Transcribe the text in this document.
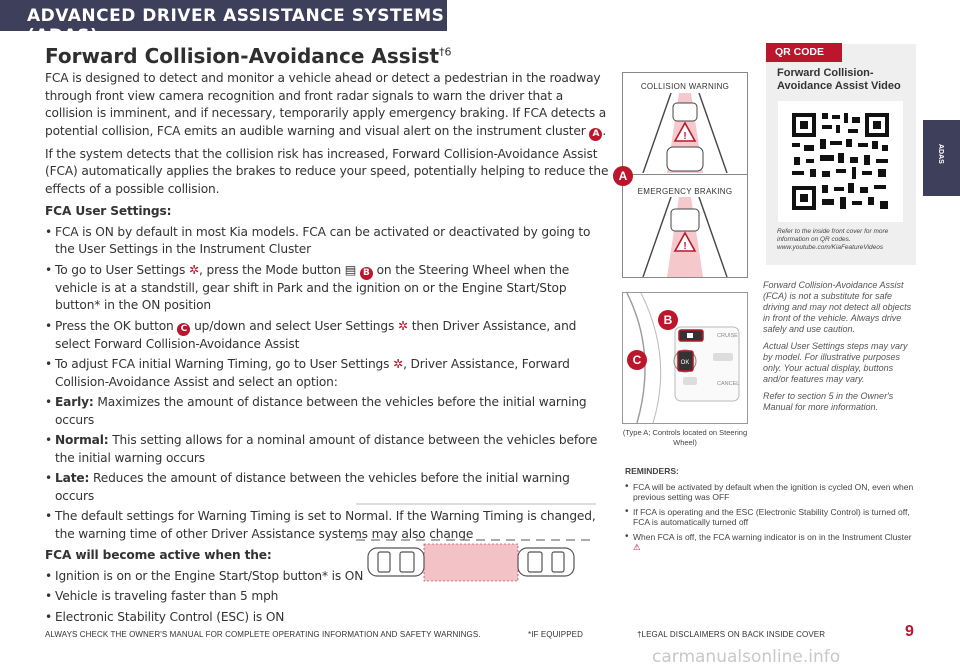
ADVANCED DRIVER ASSISTANCE SYSTEMS (ADAS)
ADAS
Forward Collision-Avoidance Assist$^{\dagger 6}$

FCA is designed to detect and monitor a vehicle ahead or detect a pedestrian in the roadway through front view camera recognition and front radar signals to warn the driver that a collision is imminent, and if necessary, temporarily apply emergency braking. If FCA detects a potential collision, FCA emits an audible warning and visual alert on the instrument cluster A .

If the system detects that the collision risk has increased, Forward Collision-Avoidance Assist (FCA) automatically applies the brakes to reduce your speed, potentially helping to reduce the effects of a possible collision.

FCA User Settings:
• FCA is ON by default in most Kia models. FCA can be activated or deactivated by going to the User Settings in the Instrument Cluster
• To go to User Settings ✲, press the Mode button ▤ B on the Steering Wheel when the vehicle is at a standstill, gear shift in Park and the ignition on or the Engine Start/Stop button* in the ON position
• Press the OK button C up/down and select User Settings ✲ then Driver Assistance, and select Forward Collision-Avoidance Assist
• To adjust FCA initial Warning Timing, go to User Settings ✲, Driver Assistance, Forward Collision-Avoidance Assist and select an option:
• Early: Maximizes the amount of distance between the vehicles before the initial warning occurs
• Normal: This setting allows for a nominal amount of distance between the vehicles before the initial warning occurs
• Late: Reduces the amount of distance between the vehicles before the initial warning occurs
• The default settings for Warning Timing is set to Normal. If the Warning Timing is changed, the warning time of other Driver Assistance systems may also change
FCA will become active when the:
• Ignition is on or the Engine Start/Stop button* is ON
• Vehicle is traveling faster than 5 mph
• Electronic Stability Control (ESC) is ON
COLLISION WARNING
!
EMERGENCY BRAKING
!
A
OK
CRUISE
CANCEL
B
C
(Type A; Controls located on Steering Wheel)
QR CODE
Forward Collision-
Avoidance Assist Video
Refer to the inside front cover for more information on QR codes. www.youtube.com/KiaFeatureVideos

Forward Collision-Avoidance Assist (FCA) is not a substitute for safe driving and may not detect all objects in front of the vehicle. Always drive safely and use caution.

Actual User Settings steps may vary by model. For illustrative purposes only. Your actual display, buttons and/or features may vary.

Refer to section 5 in the Owner's Manual for more information.

REMINDERS:
• FCA will be activated by default when the ignition is cycled ON, even when previous setting was OFF
• If FCA is operating and the ESC (Electronic Stability Control) is turned off, FCA is automatically turned off
• When FCA is off, the FCA warning indicator is on in the Instrument Cluster ⚠
ALWAYS CHECK THE OWNER'S MANUAL FOR COMPLETE OPERATING INFORMATION AND SAFETY WARNINGS.	*IF EQUIPPED	†LEGAL DISCLAIMERS ON BACK INSIDE COVER	9
carmanualsonline.info
